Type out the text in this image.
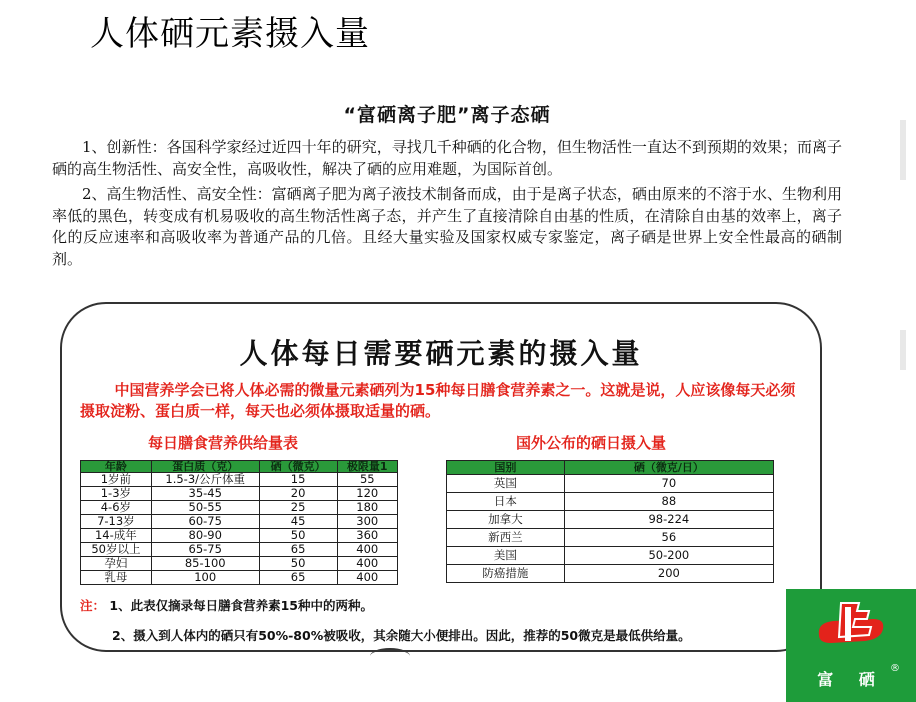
人体硒元素摄入量
“富硒离子肥”离子态硒

1、创新性：各国科学家经过近四十年的研究，寻找几千种硒的化合物，但生物活性一直达不到预期的效果；而离子硒的高生物活性、高安全性，高吸收性，解决了硒的应用难题，为国际首创。

2、高生物活性、高安全性：富硒离子肥为离子液技术制备而成，由于是离子状态，硒由原来的不溶于水、生物利用率低的黑色，转变成有机易吸收的高生物活性离子态，并产生了直接清除自由基的性质，在清除自由基的效率上，离子化的反应速率和高吸收率为普通产品的几倍。且经大量实验及国家权威专家鉴定，离子硒是世界上安全性最高的硒制剂。

人体每日需要硒元素的摄入量
中国营养学会已将人体必需的微量元素硒列为15种每日膳食营养素之一。这就是说，人应该像每天必须摄取淀粉、蛋白质一样，每天也必须体摄取适量的硒。
每日膳食营养供给量表	国外公布的硒日摄入量
年龄	蛋白质（克）	硒（微克）	极限量1
1岁前	1.5-3/公斤体重	15	55
1-3岁	35-45	20	120
4-6岁	50-55	25	180
7-13岁	60-75	45	300
14-成年	80-90	50	360
50岁以上	65-75	65	400
孕妇	85-100	50	400
乳母	100	65	400
国别	硒（微克/日）
英国	70
日本	88
加拿大	98-224
新西兰	56
美国	50-200
防癌措施	200
注： 1、此表仅摘录每日膳食营养素15种中的两种。
2、摄入到人体内的硒只有50%-80%被吸收，其余随大小便排出。因此，推荐的50微克是最低供给量。
富 硒
®
